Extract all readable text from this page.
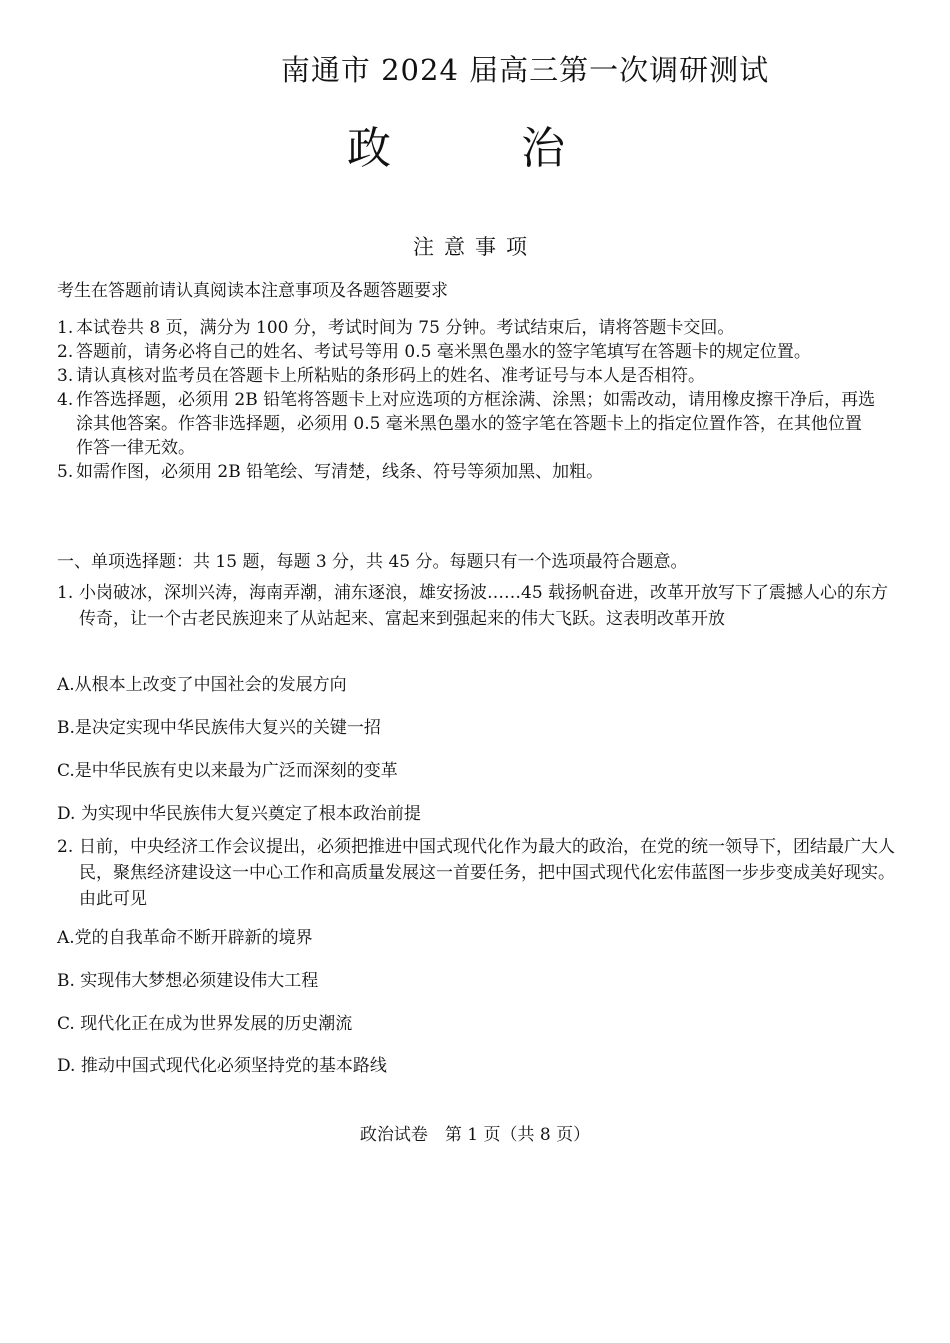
南通市 2024 届高三第一次调研测试
政 治
注意事项
考生在答题前请认真阅读本注意事项及各题答题要求
1. 本试卷共 8 页，满分为 100 分，考试时间为 75 分钟。考试结束后，请将答题卡交回。
2. 答题前，请务必将自己的姓名、考试号等用 0.5 毫米黑色墨水的签字笔填写在答题卡的规定位置。
3. 请认真核对监考员在答题卡上所粘贴的条形码上的姓名、准考证号与本人是否相符。
4. 作答选择题，必须用 2B 铅笔将答题卡上对应选项的方框涂满、涂黑；如需改动，请用橡皮擦干净后，再选涂其他答案。作答非选择题，必须用 0.5 毫米黑色墨水的签字笔在答题卡上的指定位置作答，在其他位置作答一律无效。
5. 如需作图，必须用 2B 铅笔绘、写清楚，线条、符号等须加黑、加粗。
一、单项选择题：共 15 题，每题 3 分，共 45 分。每题只有一个选项最符合题意。
1. 小岗破冰，深圳兴涛，海南弄潮，浦东逐浪，雄安扬波……45 载扬帆奋进，改革开放写下了震撼人心的东方传奇，让一个古老民族迎来了从站起来、富起来到强起来的伟大飞跃。这表明改革开放
A.从根本上改变了中国社会的发展方向
B.是决定实现中华民族伟大复兴的关键一招
C.是中华民族有史以来最为广泛而深刻的变革
D. 为实现中华民族伟大复兴奠定了根本政治前提
2. 日前，中央经济工作会议提出，必须把推进中国式现代化作为最大的政治，在党的统一领导下，团结最广大人民，聚焦经济建设这一中心工作和高质量发展这一首要任务，把中国式现代化宏伟蓝图一步步变成美好现实。由此可见
A.党的自我革命不断开辟新的境界
B. 实现伟大梦想必须建设伟大工程
C. 现代化正在成为世界发展的历史潮流
D. 推动中国式现代化必须坚持党的基本路线
政治试卷　第 1 页（共 8 页）
